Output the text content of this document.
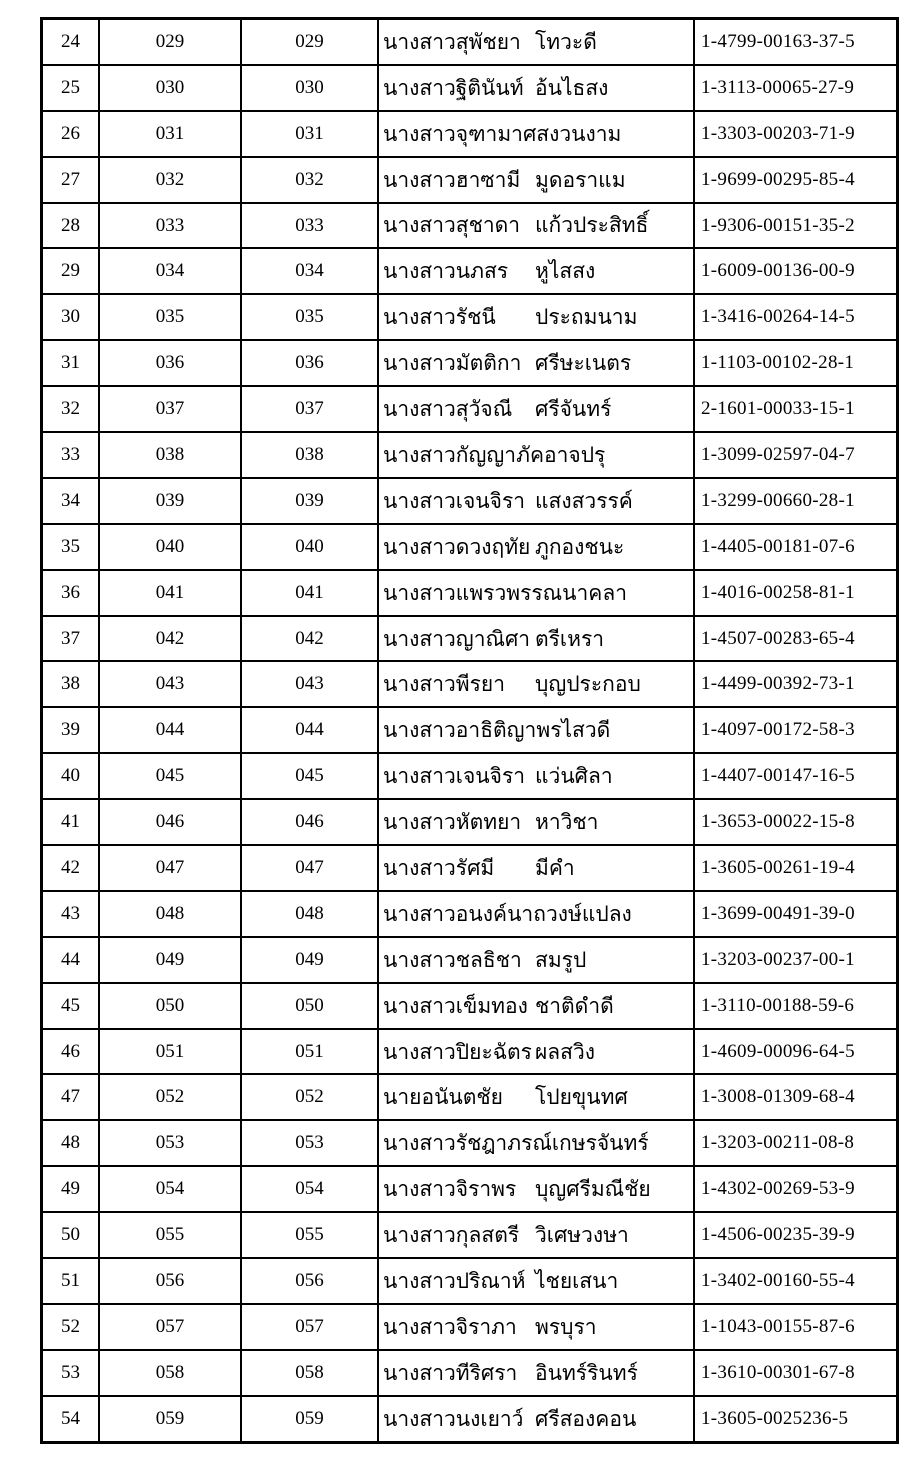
24	029	029	นางสาวสุพัชยา โทวะดี	1-4799-00163-37-5
25	030	030	นางสาวฐิตินันท์ อ้นไธสง	1-3113-00065-27-9
26	031	031	นางสาวจุฑามาศสงวนงาม	1-3303-00203-71-9
27	032	032	นางสาวฮาซามี มูดอราแม	1-9699-00295-85-4
28	033	033	นางสาวสุชาดา แก้วประสิทธิ์	1-9306-00151-35-2
29	034	034	นางสาวนภสร หูไสสง	1-6009-00136-00-9
30	035	035	นางสาวรัชนี ประถมนาม	1-3416-00264-14-5
31	036	036	นางสาวมัตติกา ศรีษะเนตร	1-1103-00102-28-1
32	037	037	นางสาวสุวัจณี ศรีจันทร์	2-1601-00033-15-1
33	038	038	นางสาวกัญญาภัคอาจปรุ	1-3099-02597-04-7
34	039	039	นางสาวเจนจิรา แสงสวรรค์	1-3299-00660-28-1
35	040	040	นางสาวดวงฤทัย ภูกองชนะ	1-4405-00181-07-6
36	041	041	นางสาวแพรวพรรณนาคลา	1-4016-00258-81-1
37	042	042	นางสาวญาณิศา ตรีเหรา	1-4507-00283-65-4
38	043	043	นางสาวพีรยา บุญประกอบ	1-4499-00392-73-1
39	044	044	นางสาวอาธิติญาพรไสวดี	1-4097-00172-58-3
40	045	045	นางสาวเจนจิรา แว่นศิลา	1-4407-00147-16-5
41	046	046	นางสาวหัตทยา หาวิชา	1-3653-00022-15-8
42	047	047	นางสาวรัศมี มีคำ	1-3605-00261-19-4
43	048	048	นางสาวอนงค์นาถวงษ์แปลง	1-3699-00491-39-0
44	049	049	นางสาวชลธิชา สมรูป	1-3203-00237-00-1
45	050	050	นางสาวเข็มทอง ชาติดำดี	1-3110-00188-59-6
46	051	051	นางสาวปิยะฉัตร ผลสวิง	1-4609-00096-64-5
47	052	052	นายอนันตชัย โปยขุนทศ	1-3008-01309-68-4
48	053	053	นางสาวรัชฎาภรณ์เกษรจันทร์	1-3203-00211-08-8
49	054	054	นางสาวจิราพร บุญศรีมณีชัย	1-4302-00269-53-9
50	055	055	นางสาวกุลสตรี วิเศษวงษา	1-4506-00235-39-9
51	056	056	นางสาวปริณาห์ ไชยเสนา	1-3402-00160-55-4
52	057	057	นางสาวจิราภา พรบุรา	1-1043-00155-87-6
53	058	058	นางสาวทีริศรา อินทร์รินทร์	1-3610-00301-67-8
54	059	059	นางสาวนงเยาว์ ศรีสองคอน	1-3605-0025236-5
